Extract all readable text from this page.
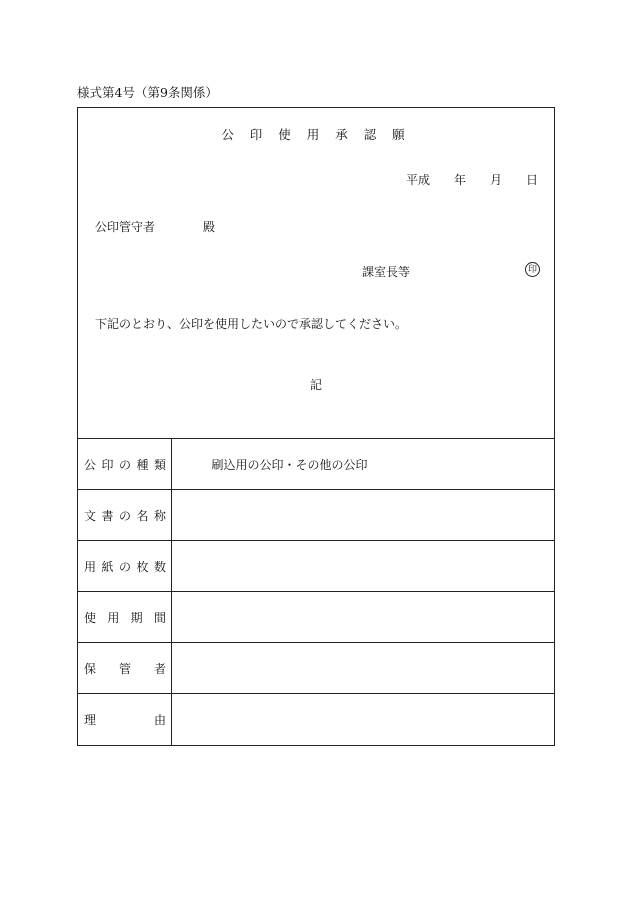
様式第4号（第9条関係）
公 印 使 用 承 認 願
平成 年 月 日
公印管守者	殿
課室長等	印
下記のとおり、公印を使用したいので承認してください。
記
公 印 の 種 類	刷込用の公印・その他の公印

文 書 の 名 称	

用 紙 の 枚 数	

使 用 期 間	

保 管 者	

理 由	
